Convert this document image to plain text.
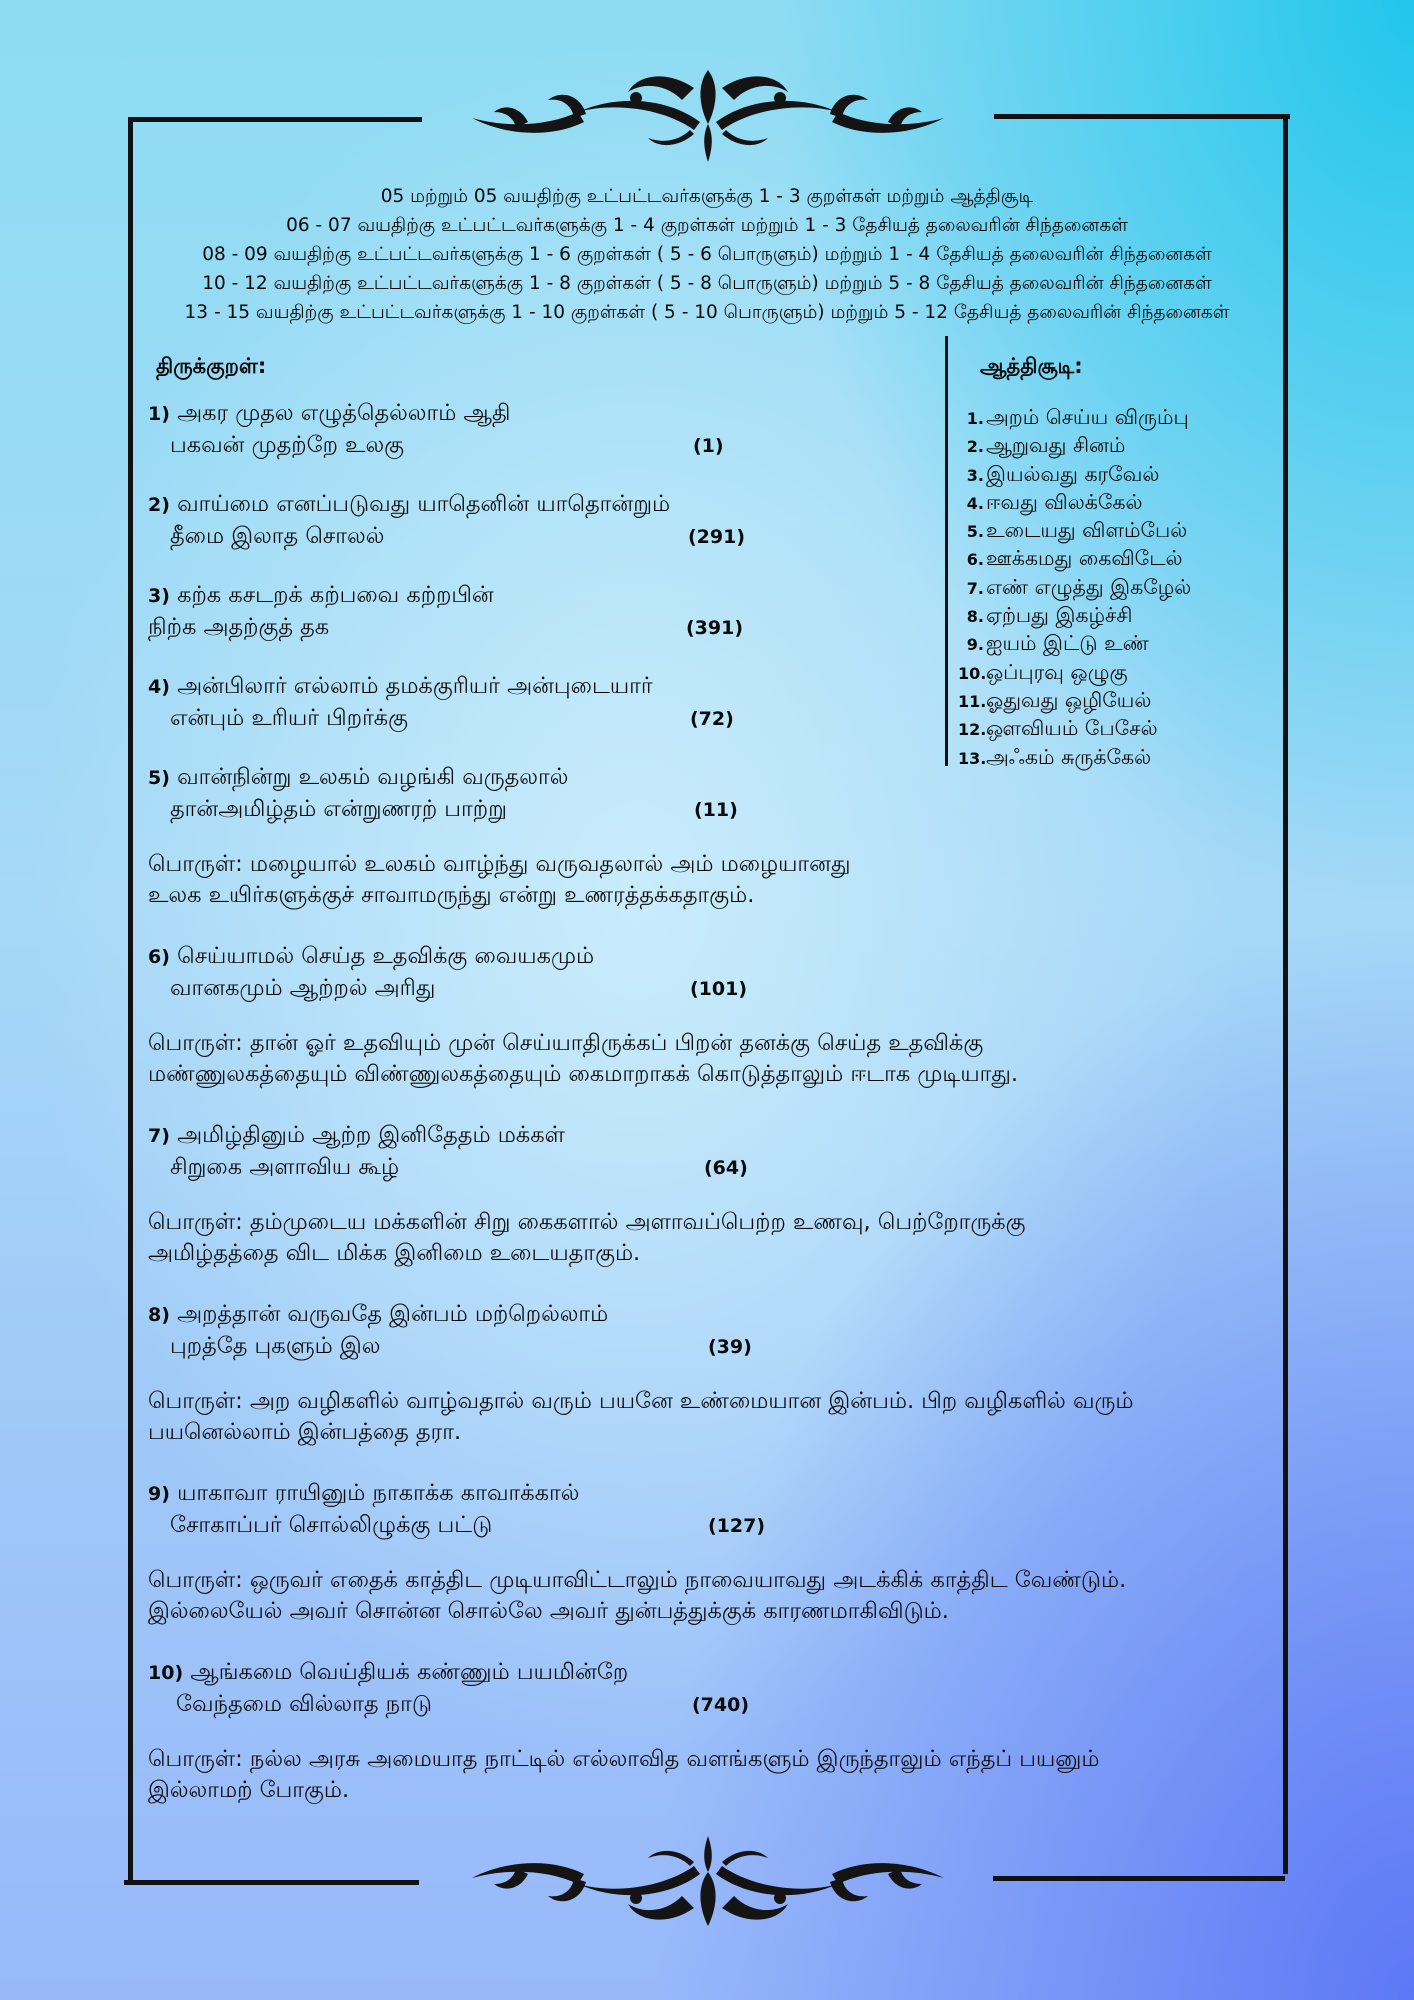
05 மற்றும் 05 வயதிற்கு உட்பட்டவர்களுக்கு 1 - 3 குறள்கள் மற்றும் ஆத்திசூடி
06 - 07 வயதிற்கு உட்பட்டவர்களுக்கு 1 - 4 குறள்கள் மற்றும் 1 - 3 தேசியத் தலைவரின் சிந்தனைகள்
08 - 09 வயதிற்கு உட்பட்டவர்களுக்கு 1 - 6 குறள்கள் ( 5 - 6 பொருளும்) மற்றும் 1 - 4 தேசியத் தலைவரின் சிந்தனைகள்
10 - 12 வயதிற்கு உட்பட்டவர்களுக்கு 1 - 8 குறள்கள் ( 5 - 8 பொருளும்) மற்றும் 5 - 8 தேசியத் தலைவரின் சிந்தனைகள்
13 - 15 வயதிற்கு உட்பட்டவர்களுக்கு 1 - 10 குறள்கள் ( 5 - 10 பொருளும்) மற்றும் 5 - 12 தேசியத் தலைவரின் சிந்தனைகள்
திருக்குறள்:	ஆத்திசூடி:
1) அகர முதல எழுத்தெல்லாம் ஆதி
பகவன் முதற்றே உலகு	(1)
2) வாய்மை எனப்படுவது யாதெனின் யாதொன்றும்
தீமை இலாத சொலல்	(291)
3) கற்க கசடறக் கற்பவை கற்றபின்
நிற்க அதற்குத் தக	(391)
4) அன்பிலார் எல்லாம் தமக்குரியர் அன்புடையார்
என்பும் உரியர் பிறர்க்கு	(72)
5) வான்நின்று உலகம் வழங்கி வருதலால்
தான்அமிழ்தம் என்றுணரற் பாற்று	(11)
பொருள்: மழையால் உலகம் வாழ்ந்து வருவதலால் அம் மழையானது
உலக உயிர்களுக்குச் சாவாமருந்து என்று உணரத்தக்கதாகும்.
6) செய்யாமல் செய்த உதவிக்கு வையகமும்
வானகமும் ஆற்றல் அரிது	(101)
பொருள்: தான் ஓர் உதவியும் முன் செய்யாதிருக்கப் பிறன் தனக்கு செய்த உதவிக்கு
மண்ணுலகத்தையும் விண்ணுலகத்தையும் கைமாறாகக் கொடுத்தாலும் ஈடாக முடியாது.
7) அமிழ்தினும் ஆற்ற இனிதேதம் மக்கள்
சிறுகை அளாவிய கூழ்	(64)
பொருள்: தம்முடைய மக்களின் சிறு கைகளால் அளாவப்பெற்ற உணவு, பெற்றோருக்கு
அமிழ்தத்தை விட மிக்க இனிமை உடையதாகும்.
8) அறத்தான் வருவதே இன்பம் மற்றெல்லாம்
புறத்தே புகளும் இல	(39)
பொருள்: அற வழிகளில் வாழ்வதால் வரும் பயனே உண்மையான இன்பம். பிற வழிகளில் வரும்
பயனெல்லாம் இன்பத்தை தரா.
9) யாகாவா ராயினும் நாகாக்க காவாக்கால்
சோகாப்பர் சொல்லிழுக்கு பட்டு	(127)
பொருள்: ஒருவர் எதைக் காத்திட முடியாவிட்டாலும் நாவையாவது அடக்கிக் காத்திட வேண்டும்.
இல்லையேல் அவர் சொன்ன சொல்லே அவர் துன்பத்துக்குக் காரணமாகிவிடும்.
10) ஆங்கமை வெய்தியக் கண்ணும் பயமின்றே
வேந்தமை வில்லாத நாடு	(740)
பொருள்: நல்ல அரசு அமையாத நாட்டில் எல்லாவித வளங்களும் இருந்தாலும் எந்தப் பயனும்
இல்லாமற் போகும்.
1.அறம் செய்ய விரும்பு
2.ஆறுவது சினம்
3.இயல்வது கரவேல்
4.ஈவது விலக்கேல்
5.உடையது விளம்பேல்
6.ஊக்கமது கைவிடேல்
7.எண் எழுத்து இகழேல்
8.ஏற்பது இகழ்ச்சி
9.ஐயம் இட்டு உண்
10.ஒப்புரவு ஒழுகு
11.ஓதுவது ஒழியேல்
12.ஔவியம் பேசேல்
13.அஃகம் சுருக்கேல்
